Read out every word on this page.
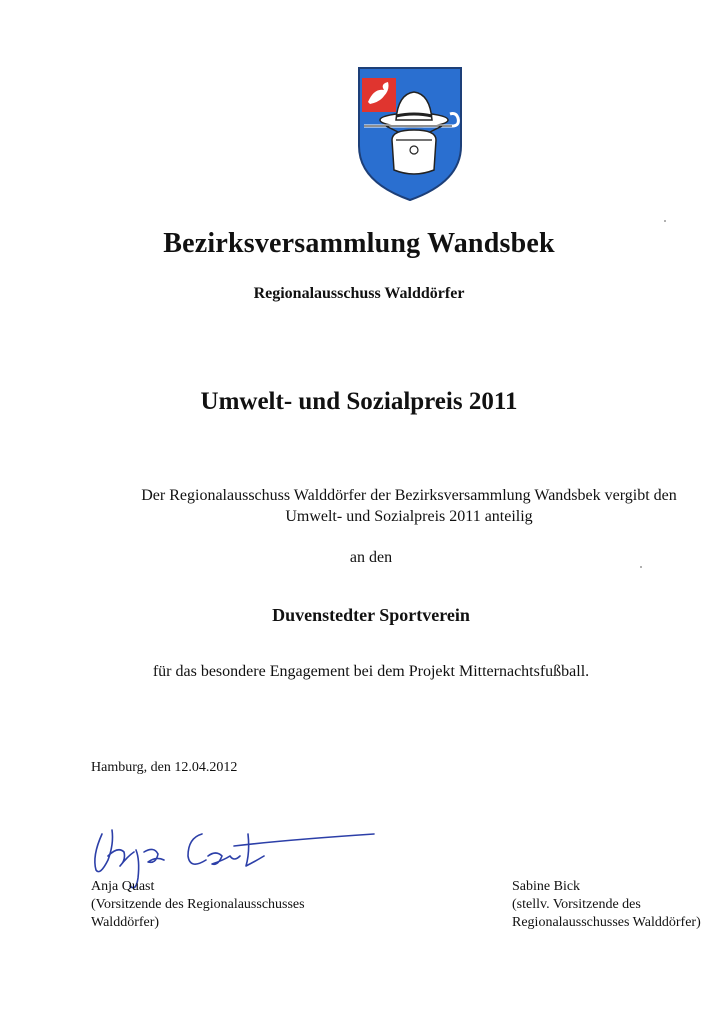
Bezirksversammlung Wandsbek
Regionalausschuss Walddörfer
Umwelt- und Sozialpreis 2011
Der Regionalausschuss Walddörfer der Bezirksversammlung Wandsbek vergibt den
Umwelt- und Sozialpreis 2011 anteilig
an den
Duvenstedter Sportverein
für das besondere Engagement bei dem Projekt Mitternachtsfußball.
Hamburg, den 12.04.2012
Anja Quast
(Vorsitzende des Regionalausschusses
Walddörfer)
Sabine Bick
(stellv. Vorsitzende des
Regionalausschusses Walddörfer)
